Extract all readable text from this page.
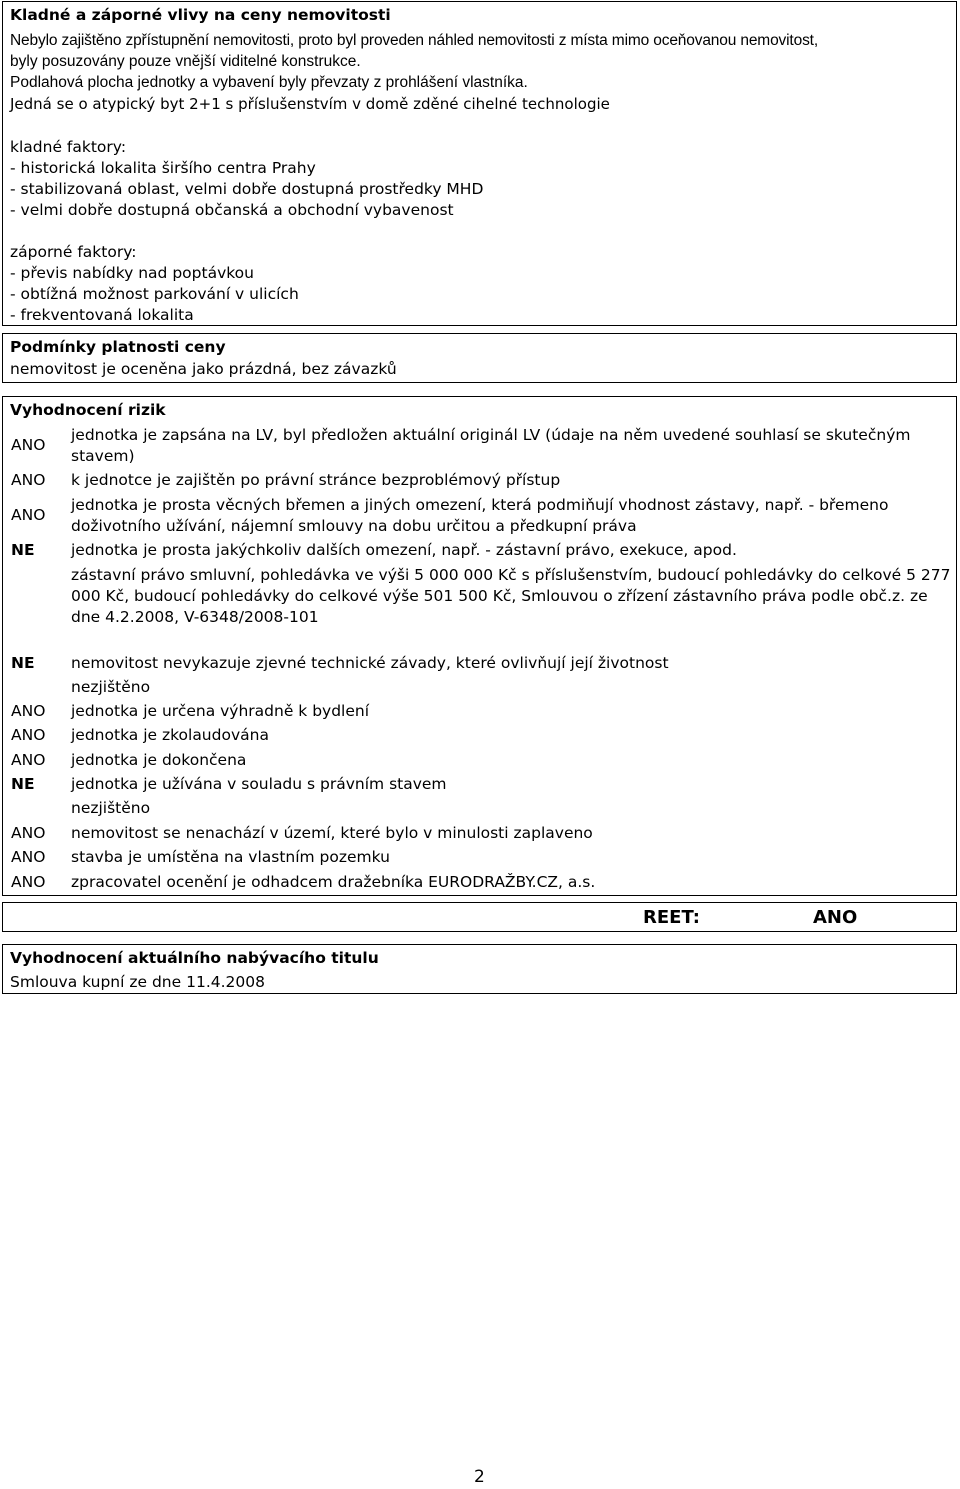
Kladné a záporné vlivy na ceny nemovitosti
Nebylo zajištěno zpřístupnění nemovitosti, proto byl proveden náhled nemovitosti z místa mimo oceňovanou nemovitost,
byly posuzovány pouze vnější viditelné konstrukce.
Podlahová plocha jednotky a vybavení byly převzaty z prohlášení vlastníka.
Jedná se o atypický byt 2+1 s příslušenstvím v domě zděné cihelné technologie
kladné faktory:
- historická lokalita širšího centra Prahy
- stabilizovaná oblast, velmi dobře dostupná prostředky MHD
- velmi dobře dostupná občanská a obchodní vybavenost
záporné faktory:
- převis nabídky nad poptávkou
- obtížná možnost parkování v ulicích
- frekventovaná lokalita
Podmínky platnosti ceny
nemovitost je oceněna jako prázdná, bez závazků
Vyhodnocení rizik
ANO
jednotka je zapsána na LV, byl předložen aktuální originál LV (údaje na něm uvedené souhlasí se skutečným
stavem)
ANO k jednotce je zajištěn po právní stránce bezproblémový přístup
ANO
jednotka je prosta věcných břemen a jiných omezení, která podmiňují vhodnost zástavy, např. - břemeno
doživotního užívání, nájemní smlouvy na dobu určitou a předkupní práva
NE jednotka je prosta jakýchkoliv dalších omezení, např. - zástavní právo, exekuce, apod.
zástavní právo smluvní, pohledávka ve výši 5 000 000 Kč s příslušenstvím, budoucí pohledávky do celkové 5 277
000 Kč, budoucí pohledávky do celkové výše 501 500 Kč, Smlouvou o zřízení zástavního práva podle obč.z. ze
dne 4.2.2008, V-6348/2008-101
NE nemovitost nevykazuje zjevné technické závady, které ovlivňují její životnost
nezjištěno
ANO jednotka je určena výhradně k bydlení
ANO jednotka je zkolaudována
ANO jednotka je dokončena
NE jednotka je užívána v souladu s právním stavem
nezjištěno
ANO nemovitost se nenachází v území, které bylo v minulosti zaplaveno
ANO stavba je umístěna na vlastním pozemku
ANO zpracovatel ocenění je odhadcem dražebníka EURODRAŽBY.CZ, a.s.
REET:	ANO
Vyhodnocení aktuálního nabývacího titulu
Smlouva kupní ze dne 11.4.2008
2
